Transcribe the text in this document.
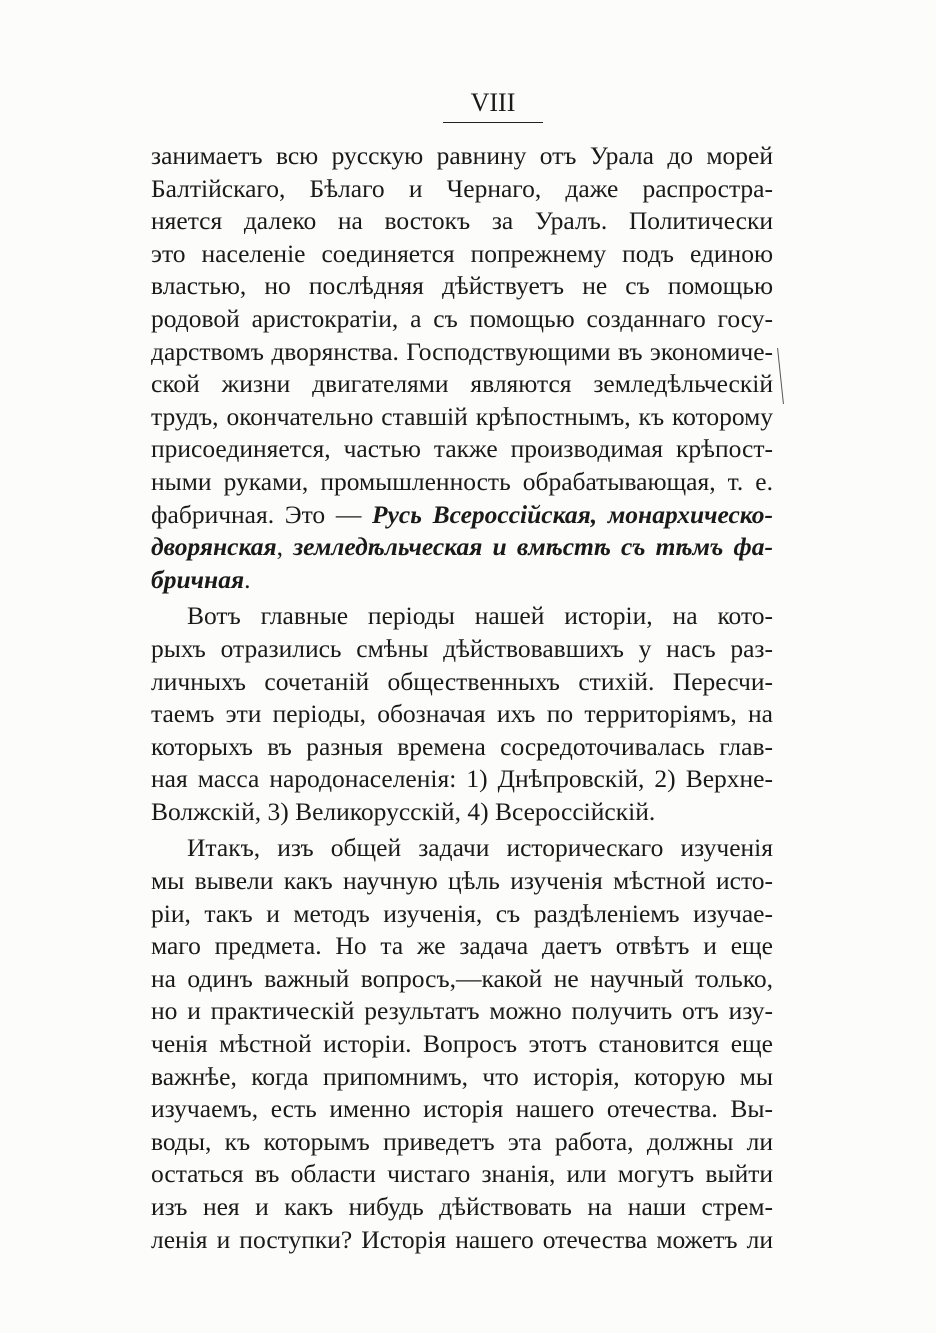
VIII
занимаетъ всю русскую равнину отъ Урала до морей
Балтійскаго, Бѣлаго и Чернаго, даже распростра-
няется далеко на востокъ за Уралъ. Политически
это населеніе соединяется попрежнему подъ единою
властью, но послѣдняя дѣйствуетъ не съ помощью
родовой аристократіи, а съ помощью созданнаго госу-
дарствомъ дворянства. Господствующими въ экономиче-
ской жизни двигателями являются земледѣльческій
трудъ, окончательно ставшій крѣпостнымъ, къ которому
присоединяется, частью также производимая крѣпост-
ными руками, промышленность обрабатывающая, т. е.
фабричная. Это — Русь Всероссійская, монархическо-
дворянская, земледѣльческая и вмѣстѣ съ тѣмъ фа-
бричная.
Вотъ главные періоды нашей исторіи, на кото-
рыхъ отразились смѣны дѣйствовавшихъ у насъ раз-
личныхъ сочетаній общественныхъ стихій. Пересчи-
таемъ эти періоды, обозначая ихъ по территоріямъ, на
которыхъ въ разныя времена сосредоточивалась глав-
ная масса народонаселенія: 1) Днѣпровскій, 2) Верхне-
Волжскій, 3) Великорусскій, 4) Всероссійскій.
Итакъ, изъ общей задачи историческаго изученія
мы вывели какъ научную цѣль изученія мѣстной исто-
ріи, такъ и методъ изученія, съ раздѣленіемъ изучае-
маго предмета. Но та же задача даетъ отвѣтъ и еще
на одинъ важный вопросъ,—какой не научный только,
но и практическій результатъ можно получить отъ изу-
ченія мѣстной исторіи. Вопросъ этотъ становится еще
важнѣе, когда припомнимъ, что исторія, которую мы
изучаемъ, есть именно исторія нашего отечества. Вы-
воды, къ которымъ приведетъ эта работа, должны ли
остаться въ области чистаго знанія, или могутъ выйти
изъ нея и какъ нибудь дѣйствовать на наши стрем-
ленія и поступки? Исторія нашего отечества можетъ ли
